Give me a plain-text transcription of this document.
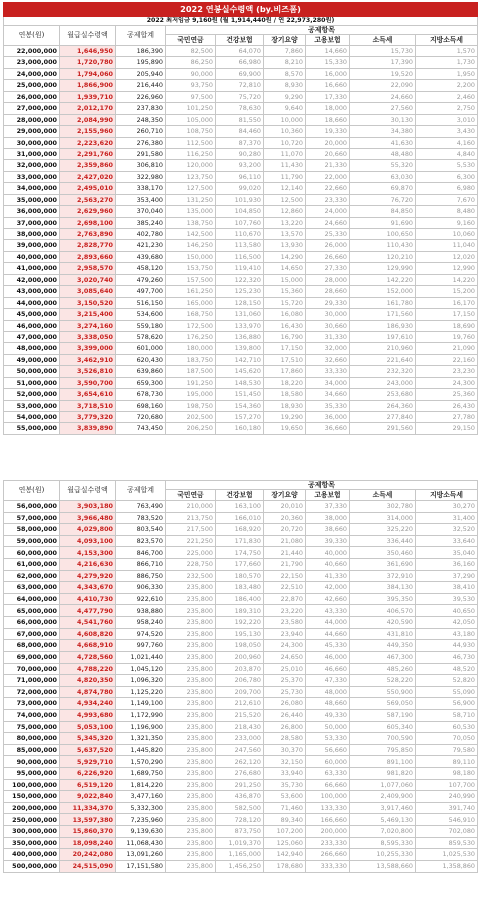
2022 연봉실수령액 (by.비즈폼)								
2022 최저임금 9,160원 (월 1,914,440원 / 연 22,973,280원)								
연봉(원)	월급실수령액	공제합계	공제항목					
			국민연금	건강보험	장기요양	고용보험	소득세	지방소득세
22,000,000	1,646,950	186,390	82,500	64,070	7,860	14,660	15,730	1,570
23,000,000	1,720,780	195,890	86,250	66,980	8,210	15,330	17,390	1,730
24,000,000	1,794,060	205,940	90,000	69,900	8,570	16,000	19,520	1,950
25,000,000	1,866,900	216,440	93,750	72,810	8,930	16,660	22,090	2,200
26,000,000	1,939,710	226,960	97,500	75,720	9,290	17,330	24,660	2,460
27,000,000	2,012,170	237,830	101,250	78,630	9,640	18,000	27,560	2,750
28,000,000	2,084,990	248,350	105,000	81,550	10,000	18,660	30,130	3,010
29,000,000	2,155,960	260,710	108,750	84,460	10,360	19,330	34,380	3,430
30,000,000	2,223,620	276,380	112,500	87,370	10,720	20,000	41,630	4,160
31,000,000	2,291,760	291,580	116,250	90,280	11,070	20,660	48,480	4,840
32,000,000	2,359,860	306,810	120,000	93,200	11,430	21,330	55,320	5,530
33,000,000	2,427,020	322,980	123,750	96,110	11,790	22,000	63,030	6,300
34,000,000	2,495,010	338,170	127,500	99,020	12,140	22,660	69,870	6,980
35,000,000	2,563,270	353,400	131,250	101,930	12,500	23,330	76,720	7,670
36,000,000	2,629,960	370,040	135,000	104,850	12,860	24,000	84,850	8,480
37,000,000	2,698,100	385,240	138,750	107,760	13,220	24,660	91,690	9,160
38,000,000	2,763,890	402,780	142,500	110,670	13,570	25,330	100,650	10,060
39,000,000	2,828,770	421,230	146,250	113,580	13,930	26,000	110,430	11,040
40,000,000	2,893,660	439,680	150,000	116,500	14,290	26,660	120,210	12,020
41,000,000	2,958,570	458,120	153,750	119,410	14,650	27,330	129,990	12,990
42,000,000	3,020,740	479,260	157,500	122,320	15,000	28,000	142,220	14,220
43,000,000	3,085,640	497,700	161,250	125,230	15,360	28,660	152,000	15,200
44,000,000	3,150,520	516,150	165,000	128,150	15,720	29,330	161,780	16,170
45,000,000	3,215,400	534,600	168,750	131,060	16,080	30,000	171,560	17,150
46,000,000	3,274,160	559,180	172,500	133,970	16,430	30,660	186,930	18,690
47,000,000	3,338,050	578,620	176,250	136,880	16,790	31,330	197,610	19,760
48,000,000	3,399,000	601,000	180,000	139,800	17,150	32,000	210,960	21,090
49,000,000	3,462,910	620,430	183,750	142,710	17,510	32,660	221,640	22,160
50,000,000	3,526,810	639,860	187,500	145,620	17,860	33,330	232,320	23,230
51,000,000	3,590,700	659,300	191,250	148,530	18,220	34,000	243,000	24,300
52,000,000	3,654,610	678,730	195,000	151,450	18,580	34,660	253,680	25,360
53,000,000	3,718,510	698,160	198,750	154,360	18,930	35,330	264,360	26,430
54,000,000	3,779,320	720,680	202,500	157,270	19,290	36,000	277,840	27,780
55,000,000	3,839,890	743,450	206,250	160,180	19,650	36,660	291,560	29,150
연봉(원)	월급실수령액	공제합계	공제항목					
			국민연금	건강보험	장기요양	고용보험	소득세	지방소득세
56,000,000	3,903,180	763,490	210,000	163,100	20,010	37,330	302,780	30,270
57,000,000	3,966,480	783,520	213,750	166,010	20,360	38,000	314,000	31,400
58,000,000	4,029,800	803,540	217,500	168,920	20,720	38,660	325,220	32,520
59,000,000	4,093,100	823,570	221,250	171,830	21,080	39,330	336,440	33,640
60,000,000	4,153,300	846,700	225,000	174,750	21,440	40,000	350,460	35,040
61,000,000	4,216,630	866,710	228,750	177,660	21,790	40,660	361,690	36,160
62,000,000	4,279,920	886,750	232,500	180,570	22,150	41,330	372,910	37,290
63,000,000	4,343,670	906,330	235,800	183,480	22,510	42,000	384,130	38,410
64,000,000	4,410,730	922,610	235,800	186,400	22,870	42,660	395,350	39,530
65,000,000	4,477,790	938,880	235,800	189,310	23,220	43,330	406,570	40,650
66,000,000	4,541,760	958,240	235,800	192,220	23,580	44,000	420,590	42,050
67,000,000	4,608,820	974,520	235,800	195,130	23,940	44,660	431,810	43,180
68,000,000	4,668,910	997,760	235,800	198,050	24,300	45,330	449,350	44,930
69,000,000	4,728,560	1,021,440	235,800	200,960	24,650	46,000	467,300	46,730
70,000,000	4,788,220	1,045,120	235,800	203,870	25,010	46,660	485,260	48,520
71,000,000	4,820,350	1,096,320	235,800	206,780	25,370	47,330	528,220	52,820
72,000,000	4,874,780	1,125,220	235,800	209,700	25,730	48,000	550,900	55,090
73,000,000	4,934,240	1,149,100	235,800	212,610	26,080	48,660	569,050	56,900
74,000,000	4,993,680	1,172,990	235,800	215,520	26,440	49,330	587,190	58,710
75,000,000	5,053,100	1,196,900	235,800	218,430	26,800	50,000	605,340	60,530
80,000,000	5,345,320	1,321,350	235,800	233,000	28,580	53,330	700,590	70,050
85,000,000	5,637,520	1,445,820	235,800	247,560	30,370	56,660	795,850	79,580
90,000,000	5,929,710	1,570,290	235,800	262,120	32,150	60,000	891,100	89,110
95,000,000	6,226,920	1,689,750	235,800	276,680	33,940	63,330	981,820	98,180
100,000,000	6,519,120	1,814,220	235,800	291,250	35,730	66,660	1,077,060	107,700
150,000,000	9,022,840	3,477,160	235,800	436,870	53,600	100,000	2,409,900	240,990
200,000,000	11,334,370	5,332,300	235,800	582,500	71,460	133,330	3,917,460	391,740
250,000,000	13,597,380	7,235,960	235,800	728,120	89,340	166,660	5,469,130	546,910
300,000,000	15,860,370	9,139,630	235,800	873,750	107,200	200,000	7,020,800	702,080
350,000,000	18,098,240	11,068,430	235,800	1,019,370	125,060	233,330	8,595,330	859,530
400,000,000	20,242,080	13,091,260	235,800	1,165,000	142,940	266,660	10,255,330	1,025,530
500,000,000	24,515,090	17,151,580	235,800	1,456,250	178,680	333,330	13,588,660	1,358,860
